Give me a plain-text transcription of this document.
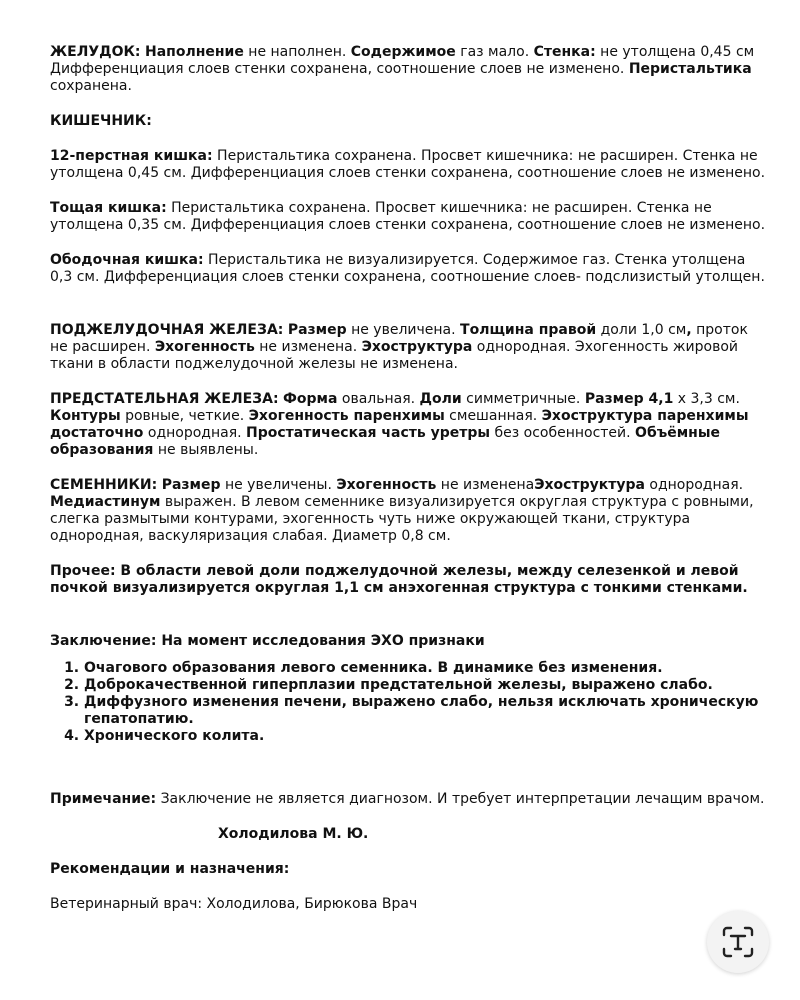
ЖЕЛУДОК: Наполнение не наполнен. Содержимое газ мало. Стенка: не утолщена 0,45 см Дифференциация слоев стенки сохранена, соотношение слоев не изменено. Перистальтика сохранена.

КИШЕЧНИК:

12-перстная кишка: Перистальтика сохранена. Просвет кишечника: не расширен. Стенка не утолщена 0,45 см. Дифференциация слоев стенки сохранена, соотношение слоев не изменено.

Тощая кишка: Перистальтика сохранена. Просвет кишечника: не расширен. Стенка не утолщена 0,35 см. Дифференциация слоев стенки сохранена, соотношение слоев не изменено.

Ободочная кишка: Перистальтика не визуализируется. Содержимое газ. Стенка утолщена 0,3 см. Дифференциация слоев стенки сохранена, соотношение слоев- подслизистый утолщен.

ПОДЖЕЛУДОЧНАЯ ЖЕЛЕЗА: Размер не увеличена. Толщина правой доли 1,0 см, проток не расширен. Эхогенность не изменена. Эхоструктура однородная. Эхогенность жировой ткани в области поджелудочной железы не изменена.

ПРЕДСТАТЕЛЬНАЯ ЖЕЛЕЗА: Форма овальная. Доли симметричные. Размер 4,1 х 3,3 см. Контуры ровные, четкие. Эхогенность паренхимы смешанная. Эхоструктура паренхимы достаточно однородная. Простатическая часть уретры без особенностей. Объёмные образования не выявлены.

СЕМЕННИКИ: Размер не увеличены. Эхогенность не измененаЭхоструктура однородная. Медиастинум выражен. В левом семеннике визуализируется округлая структура с ровными, слегка размытыми контурами, эхогенность чуть ниже окружающей ткани, структура однородная, васкуляризация слабая. Диаметр 0,8 см.

Прочее: В области левой доли поджелудочной железы, между селезенкой и левой почкой визуализируется округлая 1,1 см анэхогенная структура с тонкими стенками.

Заключение: На момент исследования ЭХО признаки

1. Очагового образования левого семенника. В динамике без изменения.
2. Доброкачественной гиперплазии предстательной железы, выражено слабо.
3. Диффузного изменения печени, выражено слабо, нельзя исключать хроническую гепатопатию.
4. Хронического колита.

Примечание: Заключение не является диагнозом. И требует интерпретации лечащим врачом.

Холодилова М. Ю.

Рекомендации и назначения:

Ветеринарный врач: Холодилова, Бирюкова Врач
